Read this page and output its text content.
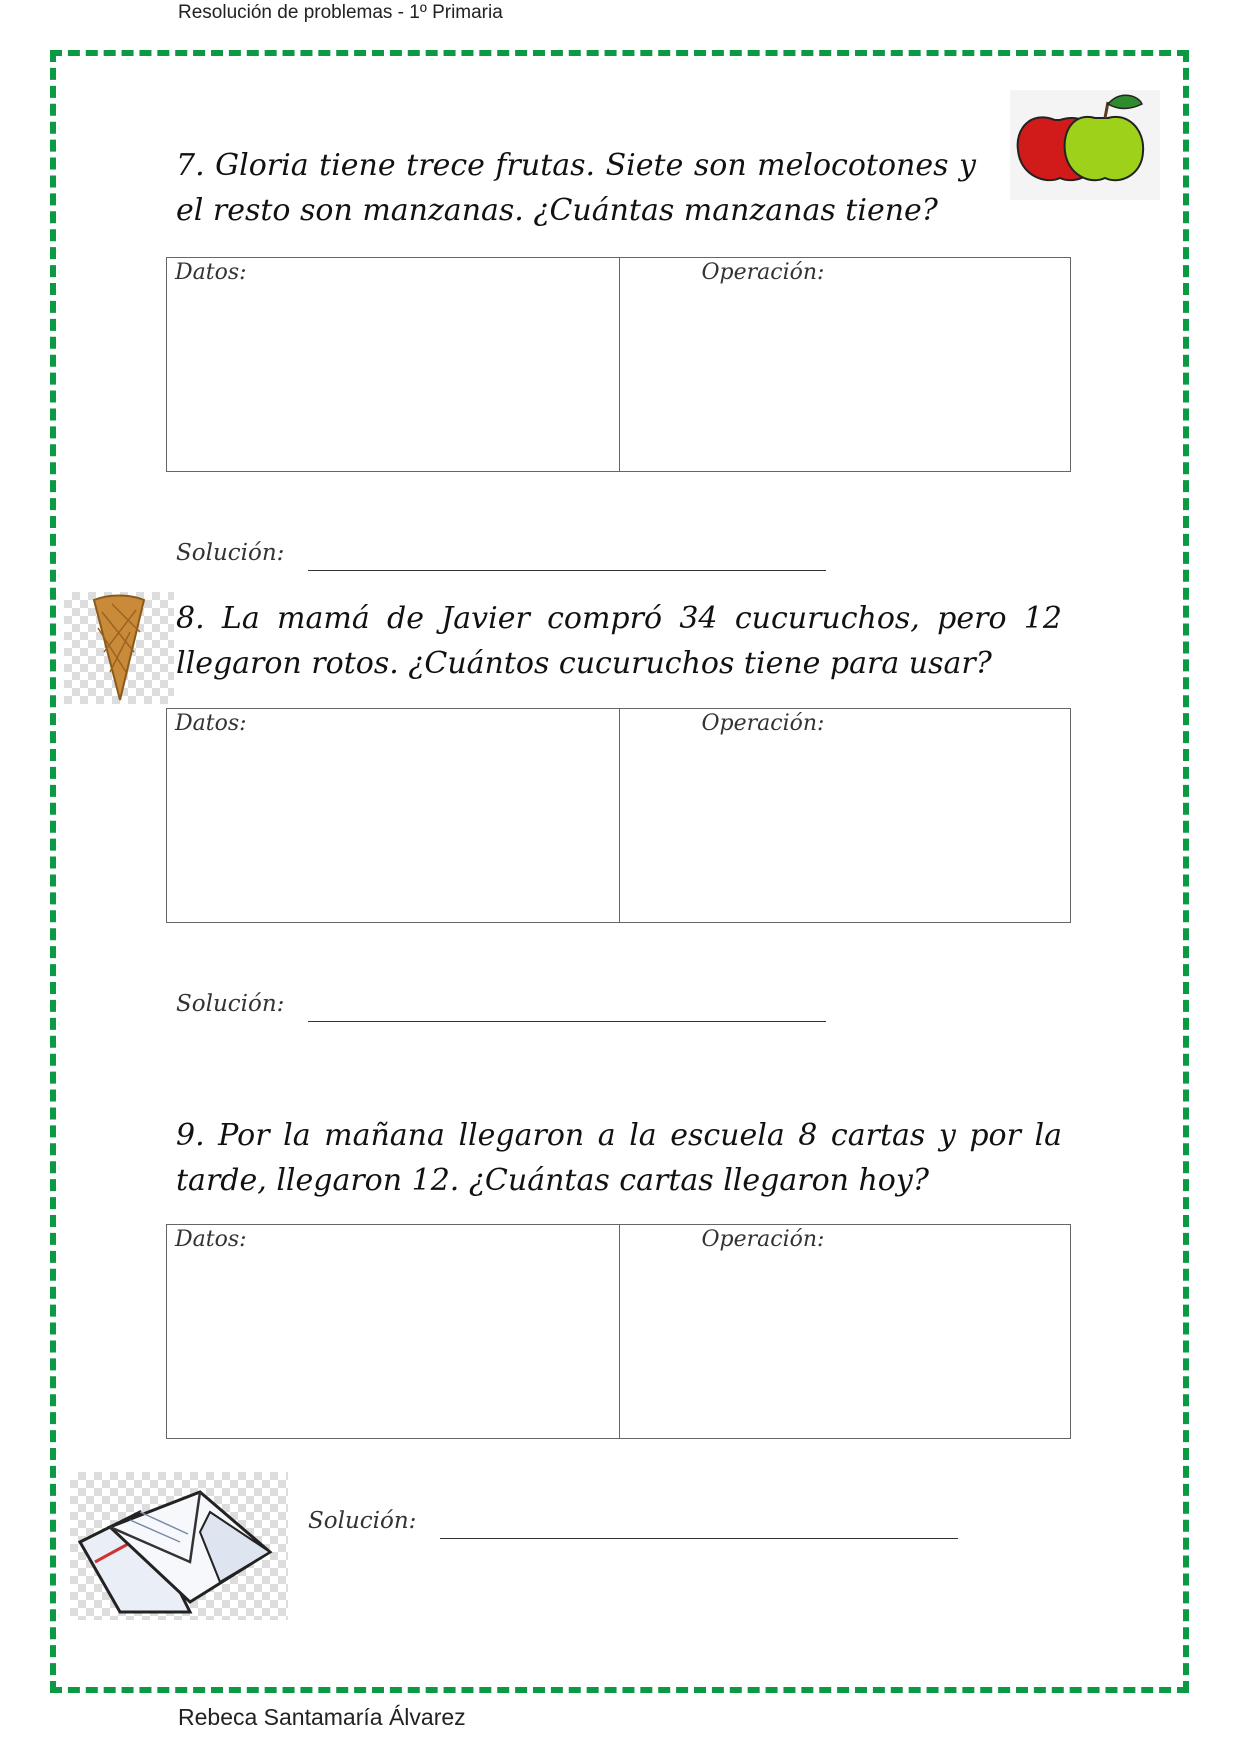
Resolución de problemas - 1º Primaria
7. Gloria tiene trece frutas. Siete son melocotones y el resto son manzanas. ¿Cuántas manzanas tiene?
Datos:	Operación:
Solución:
8. La mamá de Javier compró 34 cucuruchos, pero 12 llegaron rotos. ¿Cuántos cucuruchos tiene para usar?
Datos:	Operación:
Solución:
9. Por la mañana llegaron a la escuela 8 cartas y por la tarde, llegaron 12. ¿Cuántas cartas llegaron hoy?
Datos:	Operación:
Solución:
Rebeca Santamaría Álvarez
